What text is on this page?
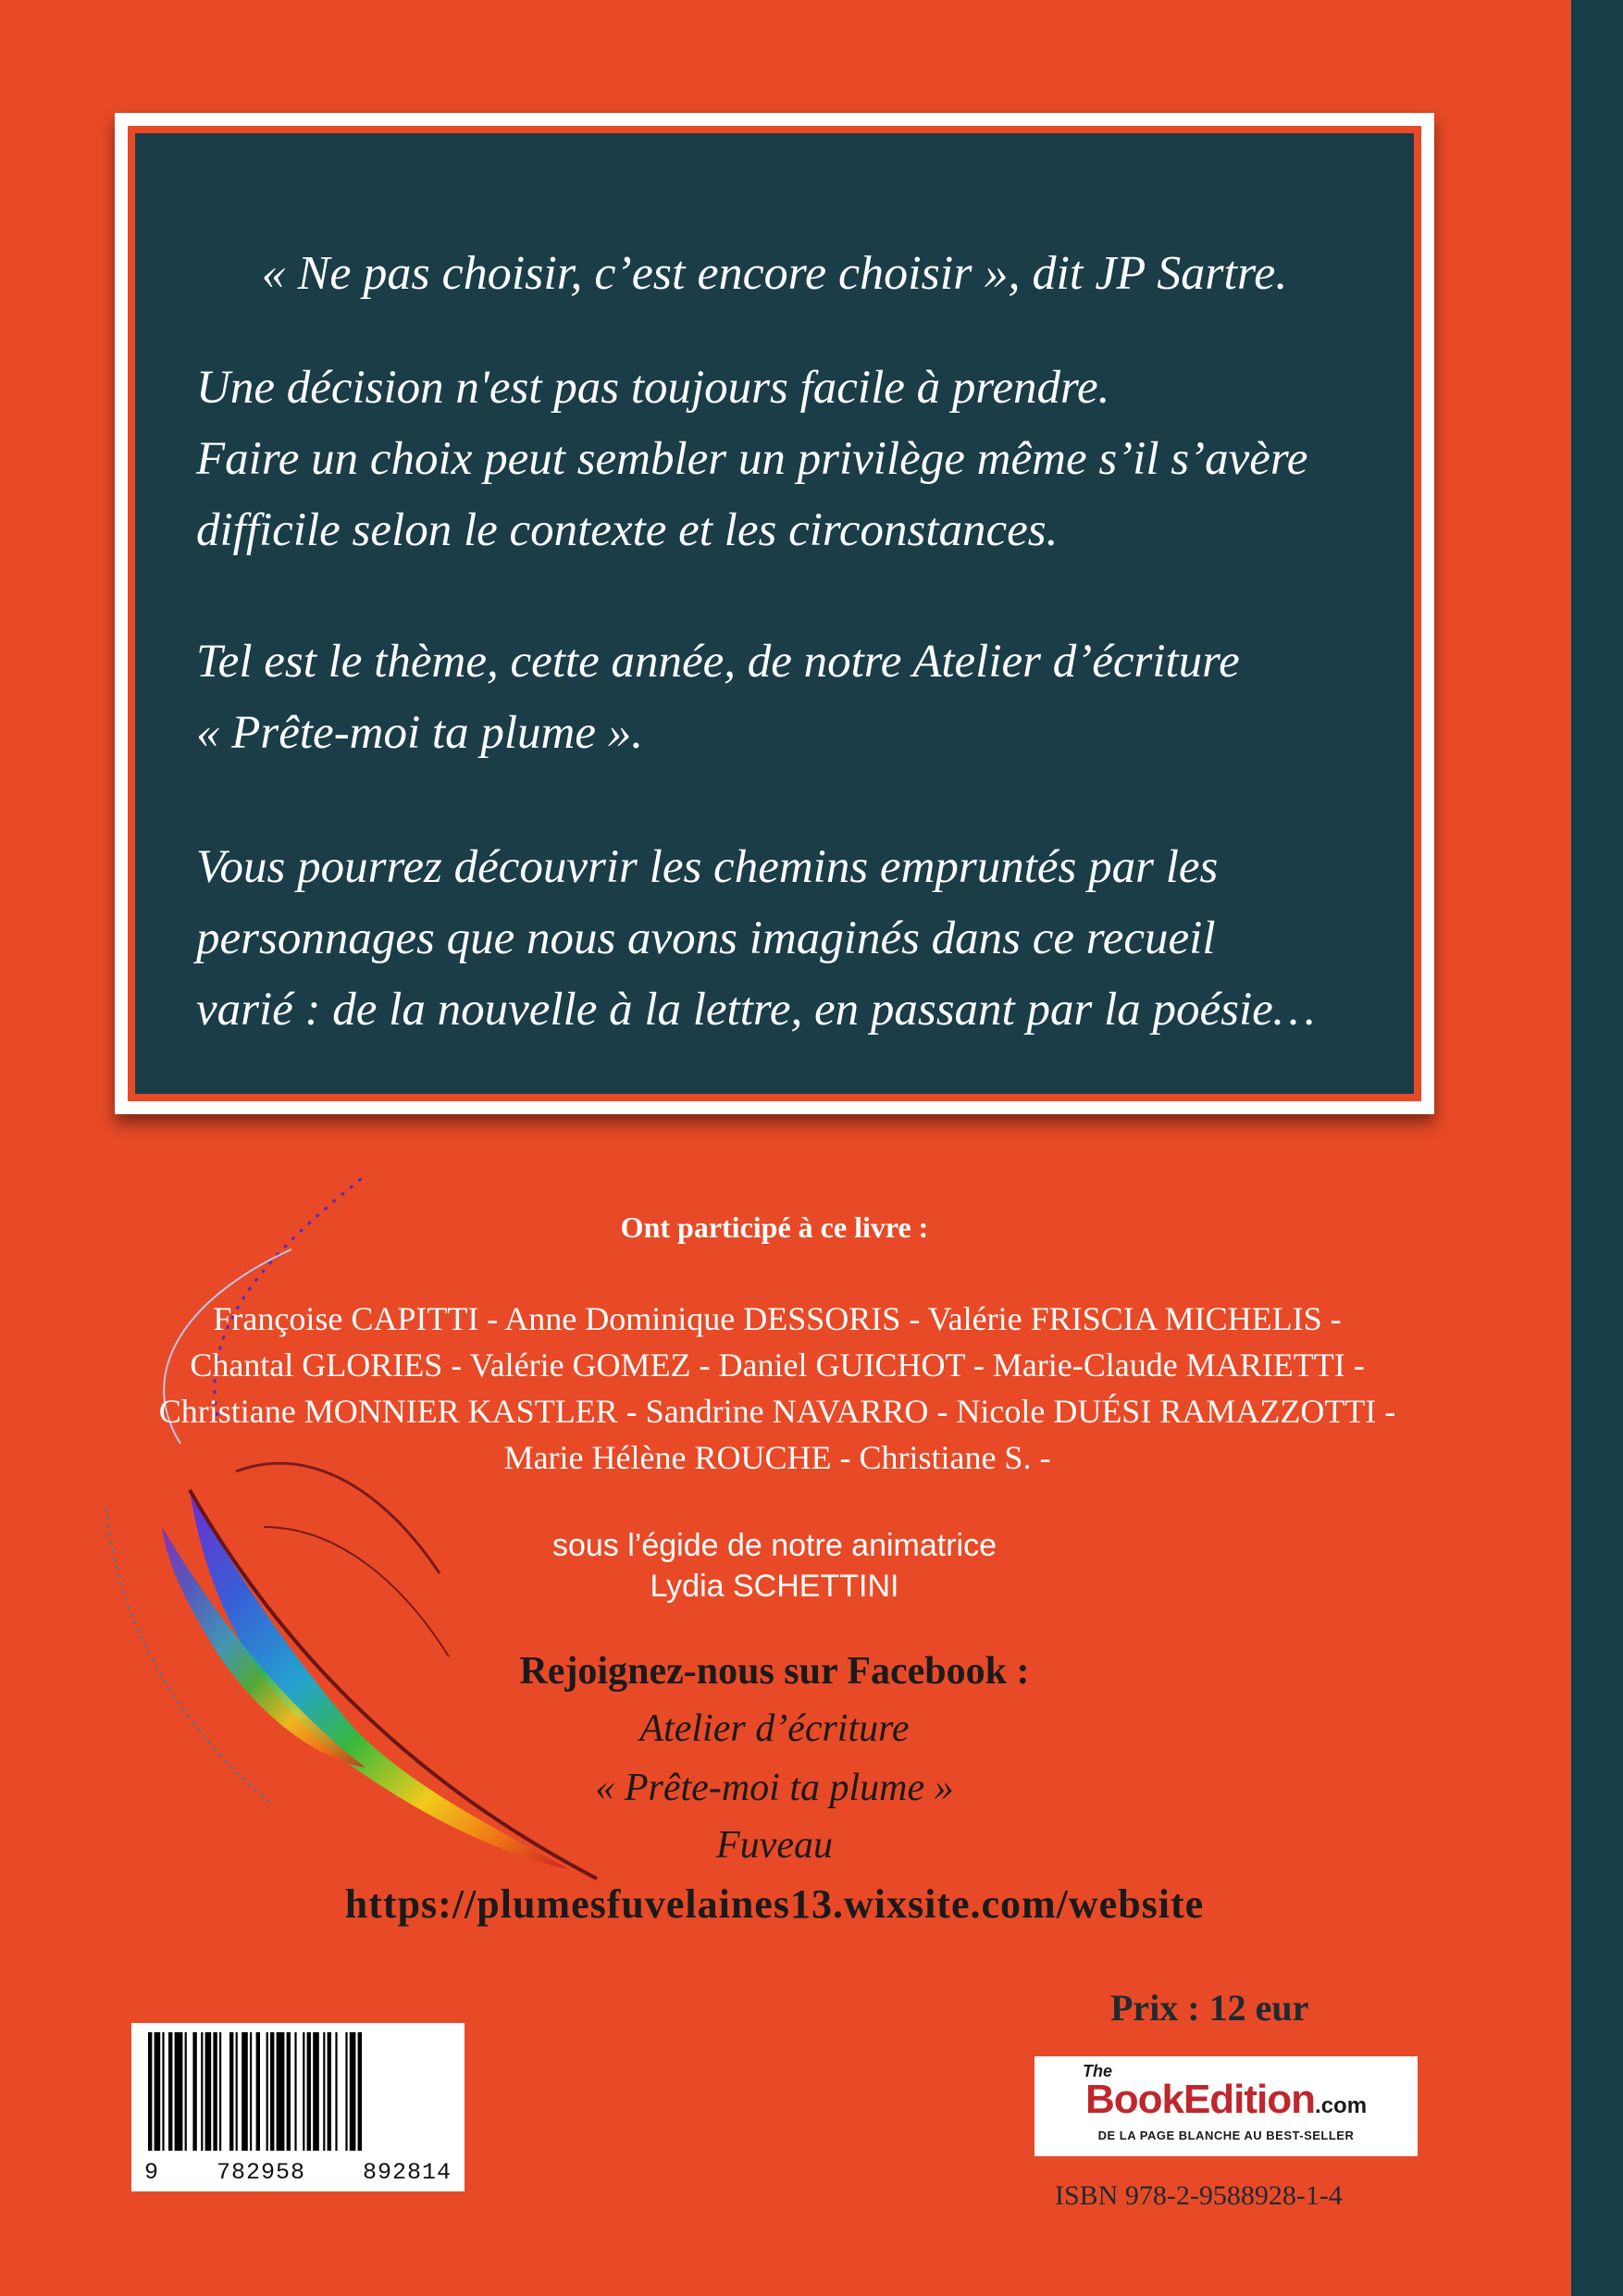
« Ne pas choisir, c’est encore choisir », dit JP Sartre.
Une décision n'est pas toujours facile à prendre.
Faire un choix peut sembler un privilège même s’il s’avère
difficile selon le contexte et les circonstances.
Tel est le thème, cette année, de notre Atelier d’écriture
« Prête-moi ta plume ».
Vous pourrez découvrir les chemins empruntés par les
personnages que nous avons imaginés dans ce recueil
varié : de la nouvelle à la lettre, en passant par la poésie…
Ont participé à ce livre :
Françoise CAPITTI - Anne Dominique DESSORIS - Valérie FRISCIA MICHELIS -
Chantal GLORIES - Valérie GOMEZ - Daniel GUICHOT - Marie-Claude MARIETTI -
Christiane MONNIER KASTLER - Sandrine NAVARRO - Nicole DUÉSI RAMAZZOTTI -
Marie Hélène ROUCHE - Christiane S. -
sous l’égide de notre animatrice
Lydia SCHETTINI
Rejoignez-nous sur Facebook :
Atelier d’écriture
« Prête-moi ta plume »
Fuveau
https://plumesfuvelaines13.wixsite.com/website
Prix : 12 eur
9 782958 892814
The
BookEdition.com
DE LA PAGE BLANCHE AU BEST-SELLER
ISBN 978-2-9588928-1-4
